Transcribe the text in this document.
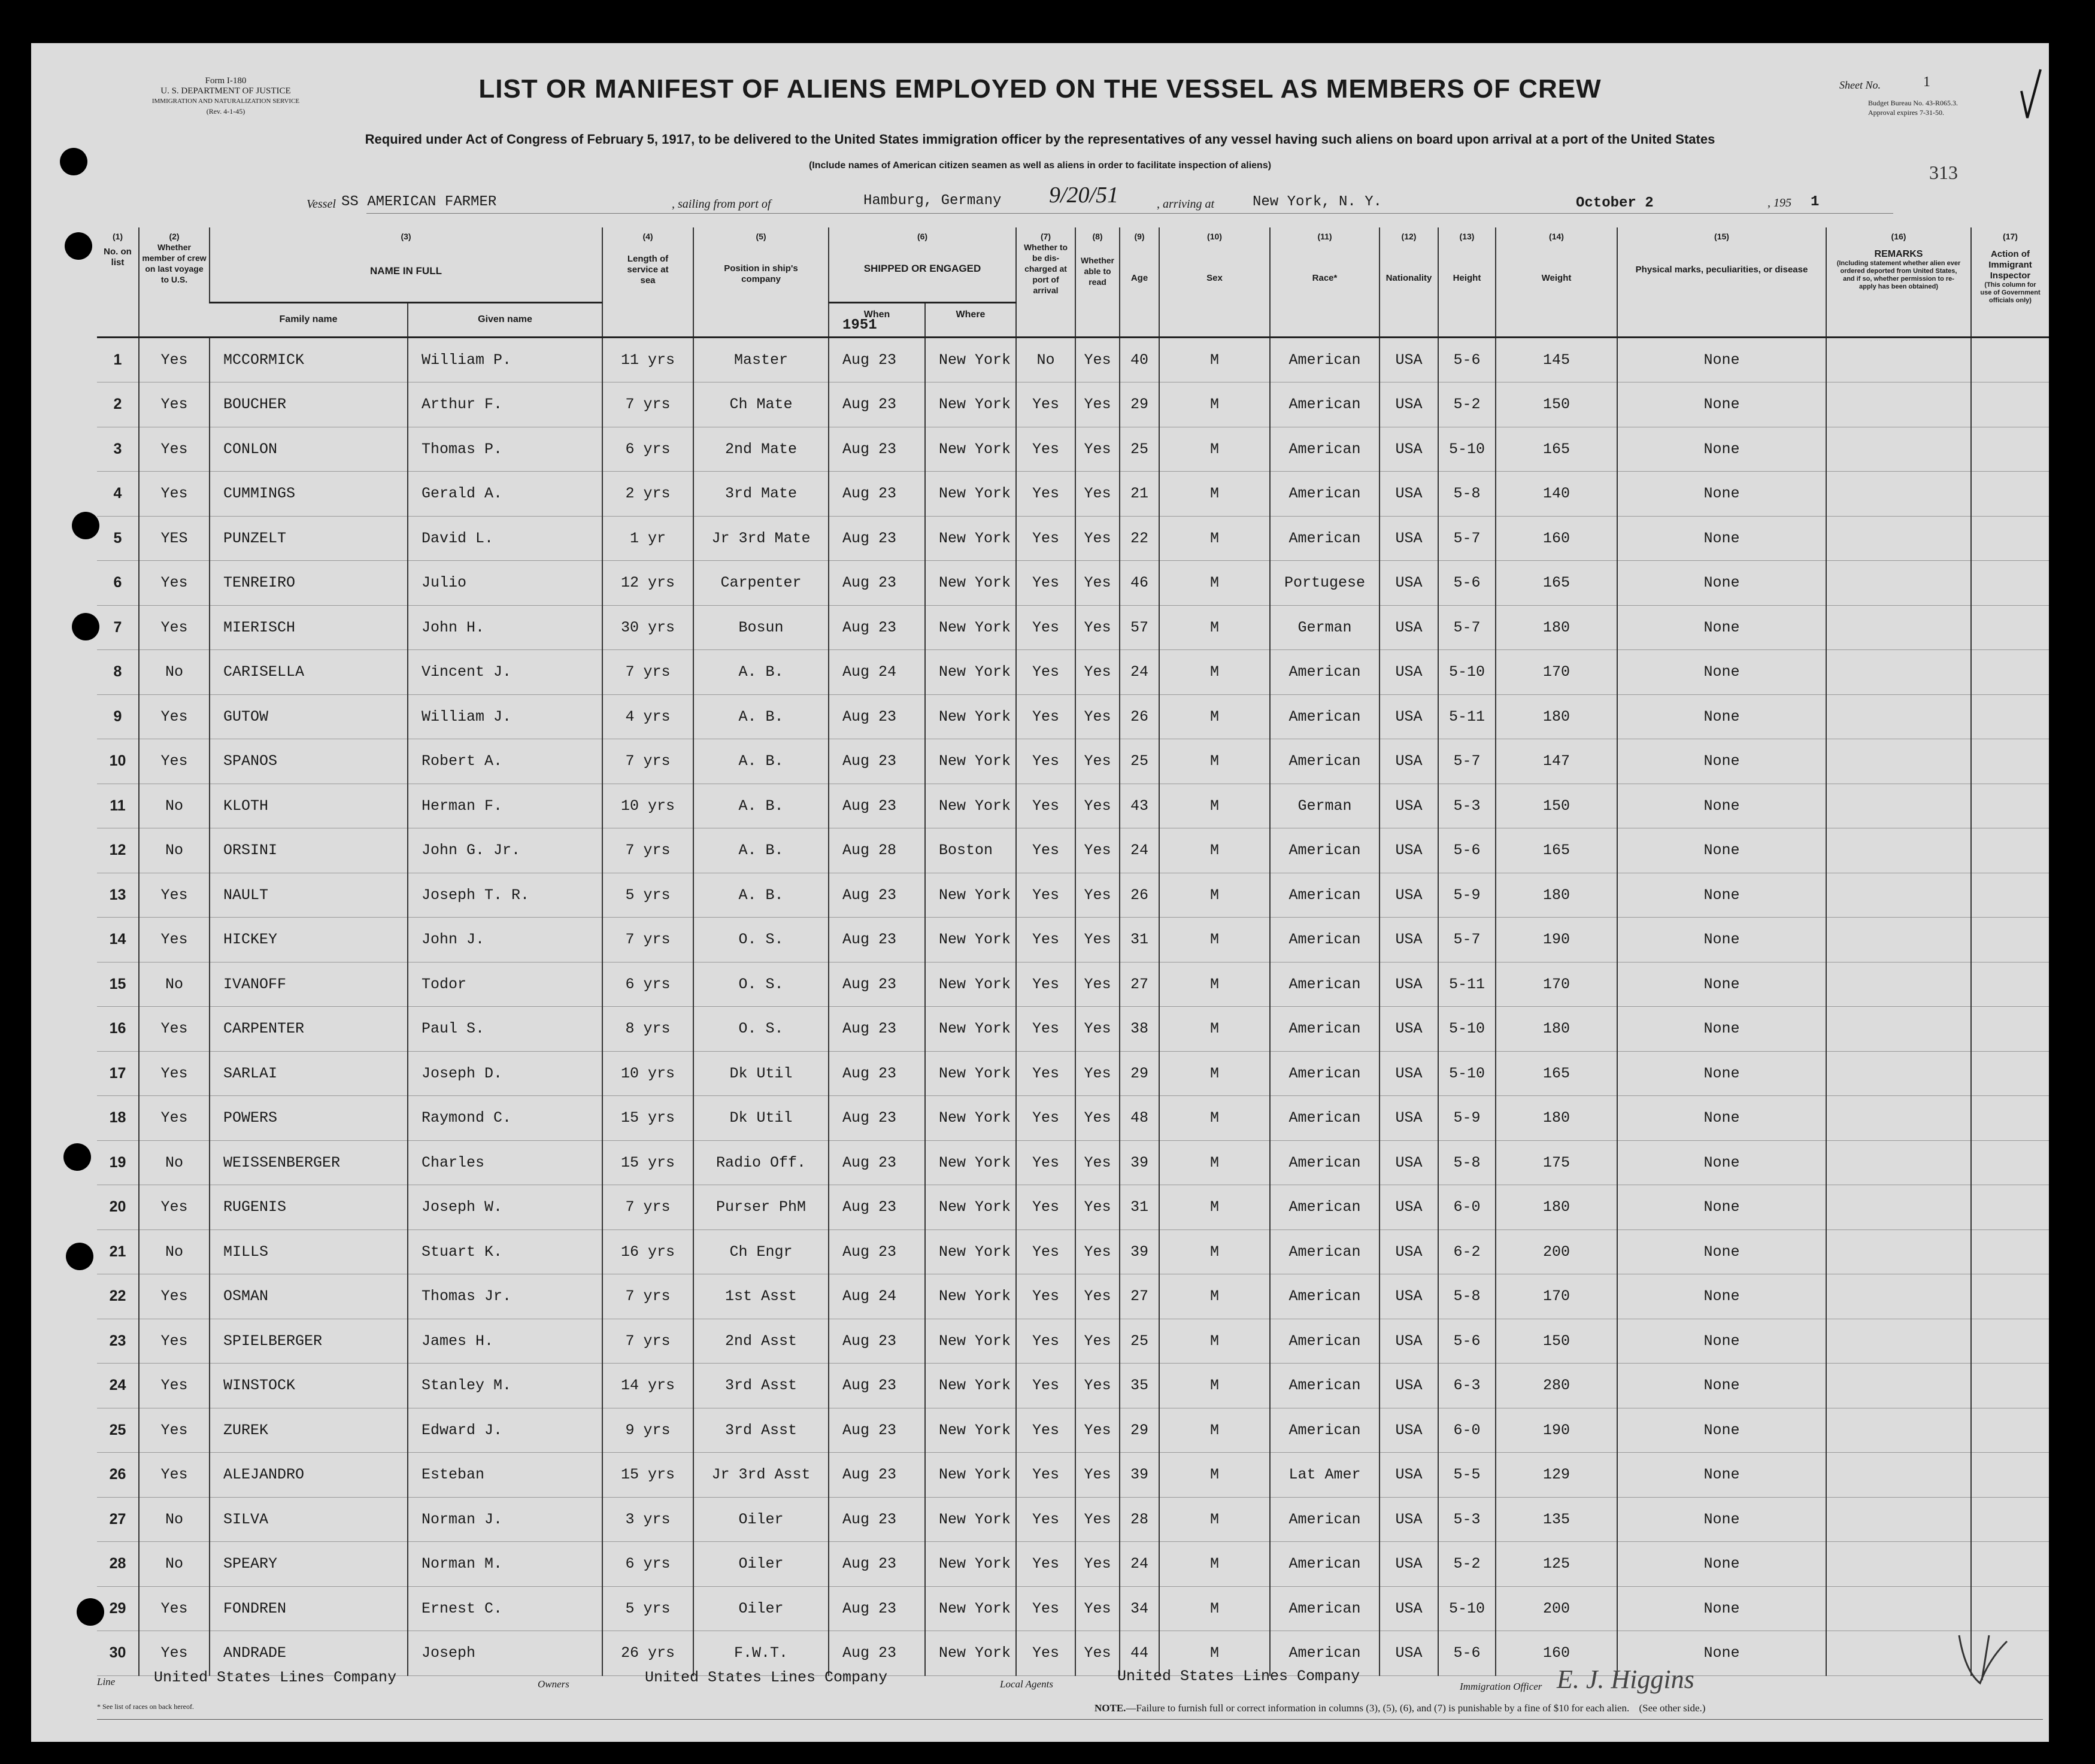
Form I-180
U. S. DEPARTMENT OF JUSTICE
IMMIGRATION AND NATURALIZATION SERVICE
(Rev. 4-1-45)
LIST OR MANIFEST OF ALIENS EMPLOYED ON THE VESSEL AS MEMBERS OF CREW	Sheet No.	1
Budget Bureau No. 43-R065.3.
Approval expires 7-31-50.
Required under Act of Congress of February 5, 1917, to be delivered to the United States immigration officer by the representatives of any vessel having such aliens on board upon arrival at a port of the United States
(Include names of American citizen seamen as well as aliens in order to facilitate inspection of aliens)	313
Vessel SS AMERICAN FARMER	, sailing from port of	Hamburg, Germany 9/20/51	, arriving at	New York, N. Y.	October 2	, 195 1
(1)
No. on list	(2)
Whether member of crew on last voyage to U.S.	(3)
NAME IN FULL		(4)
Length of service at sea	(5)
Position in ship's company	(6)
SHIPPED OR ENGAGED		(7)
Whether to be dis-charged at port of arrival	(8)
Whether able to read	(9)
Age	(10)
Sex	(11)
Race*	(12)
Nationality	(13)
Height	(14)
Weight	(15)
Physical marks, peculiarities, or disease	(16)
REMARKS
(Including statement whether alien ever ordered deported from United States, and if so, whether permission to re-apply has been obtained)	(17)
Action of Immigrant Inspector
(This column for use of Government officials only)

		Family name	Given name			When
1951	Where											

1	Yes	MCCORMICK	William P.	11 yrs	Master	Aug 23	New York	No	Yes	40	M	American	USA	5-6	145	None		
2	Yes	BOUCHER	Arthur F.	7 yrs	Ch Mate	Aug 23	New York	Yes	Yes	29	M	American	USA	5-2	150	None		
3	Yes	CONLON	Thomas P.	6 yrs	2nd Mate	Aug 23	New York	Yes	Yes	25	M	American	USA	5-10	165	None		
4	Yes	CUMMINGS	Gerald A.	2 yrs	3rd Mate	Aug 23	New York	Yes	Yes	21	M	American	USA	5-8	140	None		
5	YES	PUNZELT	David L.	1 yr	Jr 3rd Mate	Aug 23	New York	Yes	Yes	22	M	American	USA	5-7	160	None		
6	Yes	TENREIRO	Julio	12 yrs	Carpenter	Aug 23	New York	Yes	Yes	46	M	Portugese	USA	5-6	165	None		
7	Yes	MIERISCH	John H.	30 yrs	Bosun	Aug 23	New York	Yes	Yes	57	M	German	USA	5-7	180	None		
8	No	CARISELLA	Vincent J.	7 yrs	A. B.	Aug 24	New York	Yes	Yes	24	M	American	USA	5-10	170	None		
9	Yes	GUTOW	William J.	4 yrs	A. B.	Aug 23	New York	Yes	Yes	26	M	American	USA	5-11	180	None		
10	Yes	SPANOS	Robert A.	7 yrs	A. B.	Aug 23	New York	Yes	Yes	25	M	American	USA	5-7	147	None		
11	No	KLOTH	Herman F.	10 yrs	A. B.	Aug 23	New York	Yes	Yes	43	M	German	USA	5-3	150	None		
12	No	ORSINI	John G. Jr.	7 yrs	A. B.	Aug 28	Boston	Yes	Yes	24	M	American	USA	5-6	165	None		
13	Yes	NAULT	Joseph T. R.	5 yrs	A. B.	Aug 23	New York	Yes	Yes	26	M	American	USA	5-9	180	None		
14	Yes	HICKEY	John J.	7 yrs	O. S.	Aug 23	New York	Yes	Yes	31	M	American	USA	5-7	190	None		
15	No	IVANOFF	Todor	6 yrs	O. S.	Aug 23	New York	Yes	Yes	27	M	American	USA	5-11	170	None		
16	Yes	CARPENTER	Paul S.	8 yrs	O. S.	Aug 23	New York	Yes	Yes	38	M	American	USA	5-10	180	None		
17	Yes	SARLAI	Joseph D.	10 yrs	Dk Util	Aug 23	New York	Yes	Yes	29	M	American	USA	5-10	165	None		
18	Yes	POWERS	Raymond C.	15 yrs	Dk Util	Aug 23	New York	Yes	Yes	48	M	American	USA	5-9	180	None		
19	No	WEISSENBERGER	Charles	15 yrs	Radio Off.	Aug 23	New York	Yes	Yes	39	M	American	USA	5-8	175	None		
20	Yes	RUGENIS	Joseph W.	7 yrs	Purser PhM	Aug 23	New York	Yes	Yes	31	M	American	USA	6-0	180	None		
21	No	MILLS	Stuart K.	16 yrs	Ch Engr	Aug 23	New York	Yes	Yes	39	M	American	USA	6-2	200	None		
22	Yes	OSMAN	Thomas Jr.	7 yrs	1st Asst	Aug 24	New York	Yes	Yes	27	M	American	USA	5-8	170	None		
23	Yes	SPIELBERGER	James H.	7 yrs	2nd Asst	Aug 23	New York	Yes	Yes	25	M	American	USA	5-6	150	None		
24	Yes	WINSTOCK	Stanley M.	14 yrs	3rd Asst	Aug 23	New York	Yes	Yes	35	M	American	USA	6-3	280	None		
25	Yes	ZUREK	Edward J.	9 yrs	3rd Asst	Aug 23	New York	Yes	Yes	29	M	American	USA	6-0	190	None		
26	Yes	ALEJANDRO	Esteban	15 yrs	Jr 3rd Asst	Aug 23	New York	Yes	Yes	39	M	Lat Amer	USA	5-5	129	None		
27	No	SILVA	Norman J.	3 yrs	Oiler	Aug 23	New York	Yes	Yes	28	M	American	USA	5-3	135	None		
28	No	SPEARY	Norman M.	6 yrs	Oiler	Aug 23	New York	Yes	Yes	24	M	American	USA	5-2	125	None		
29	Yes	FONDREN	Ernest C.	5 yrs	Oiler	Aug 23	New York	Yes	Yes	34	M	American	USA	5-10	200	None		
30	Yes	ANDRADE	Joseph	26 yrs	F.W.T.	Aug 23	New York	Yes	Yes	44	M	American	USA	5-6	160	None		
Line	United States Lines Company	Owners	United States Lines Company	Local Agents	United States Lines Company
Immigration Officer E. J. Higgins
* See list of races on back hereof.	NOTE.—Failure to furnish full or correct information in columns (3), (5), (6), and (7) is punishable by a fine of $10 for each alien. (See other side.)
